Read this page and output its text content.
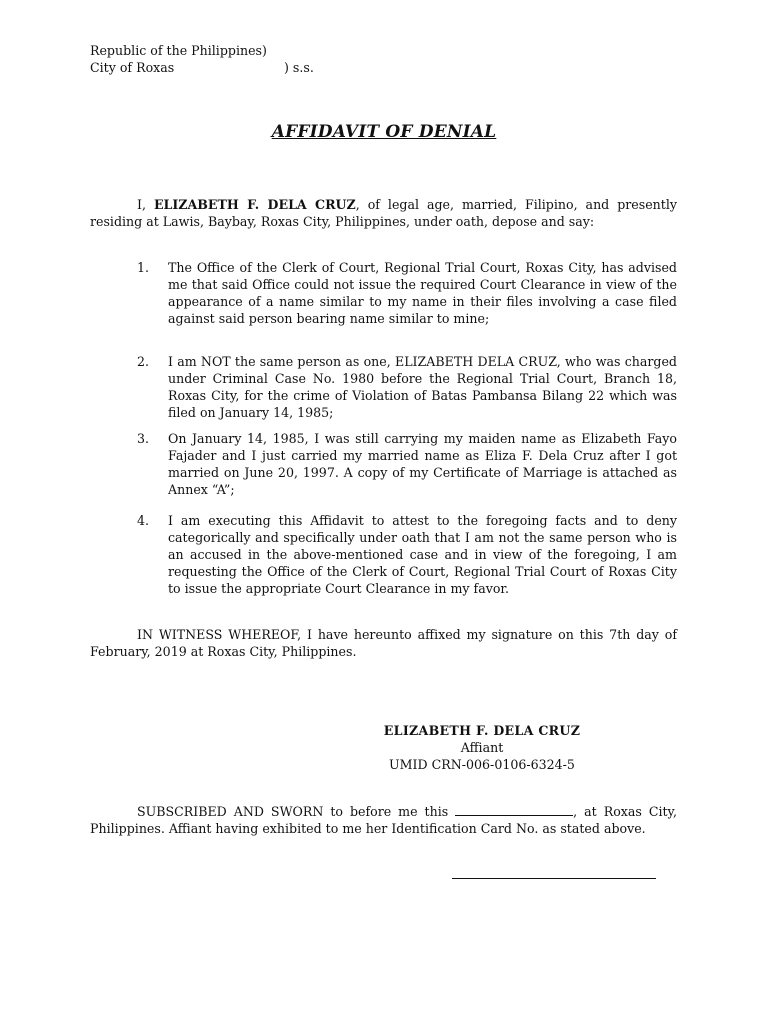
Republic of the Philippines)
City of Roxas	) s.s.
AFFIDAVIT OF DENIAL
I, ELIZABETH F. DELA CRUZ, of legal age, married, Filipino, and presently residing at Lawis, Baybay, Roxas City, Philippines, under oath, depose and say:
1. The Office of the Clerk of Court, Regional Trial Court, Roxas City, has advised me that said Office could not issue the required Court Clearance in view of the appearance of a name similar to my name in their files involving a case filed against said person bearing name similar to mine;
2. I am NOT the same person as one, ELIZABETH DELA CRUZ, who was charged under Criminal Case No. 1980 before the Regional Trial Court, Branch 18, Roxas City, for the crime of Violation of Batas Pambansa Bilang 22 which was filed on January 14, 1985;
3. On January 14, 1985, I was still carrying my maiden name as Elizabeth Fayo Fajader and I just carried my married name as Eliza F. Dela Cruz after I got married on June 20, 1997. A copy of my Certificate of Marriage is attached as Annex “A”;
4. I am executing this Affidavit to attest to the foregoing facts and to deny categorically and specifically under oath that I am not the same person who is an accused in the above-mentioned case and in view of the foregoing, I am requesting the Office of the Clerk of Court, Regional Trial Court of Roxas City to issue the appropriate Court Clearance in my favor.
IN WITNESS WHEREOF, I have hereunto affixed my signature on this 7th day of February, 2019 at Roxas City, Philippines.
ELIZABETH F. DELA CRUZ
Affiant
UMID CRN-006-0106-6324-5
SUBSCRIBED AND SWORN to before me this	, at Roxas City, Philippines. Affiant having exhibited to me her Identification Card No. as stated above.
